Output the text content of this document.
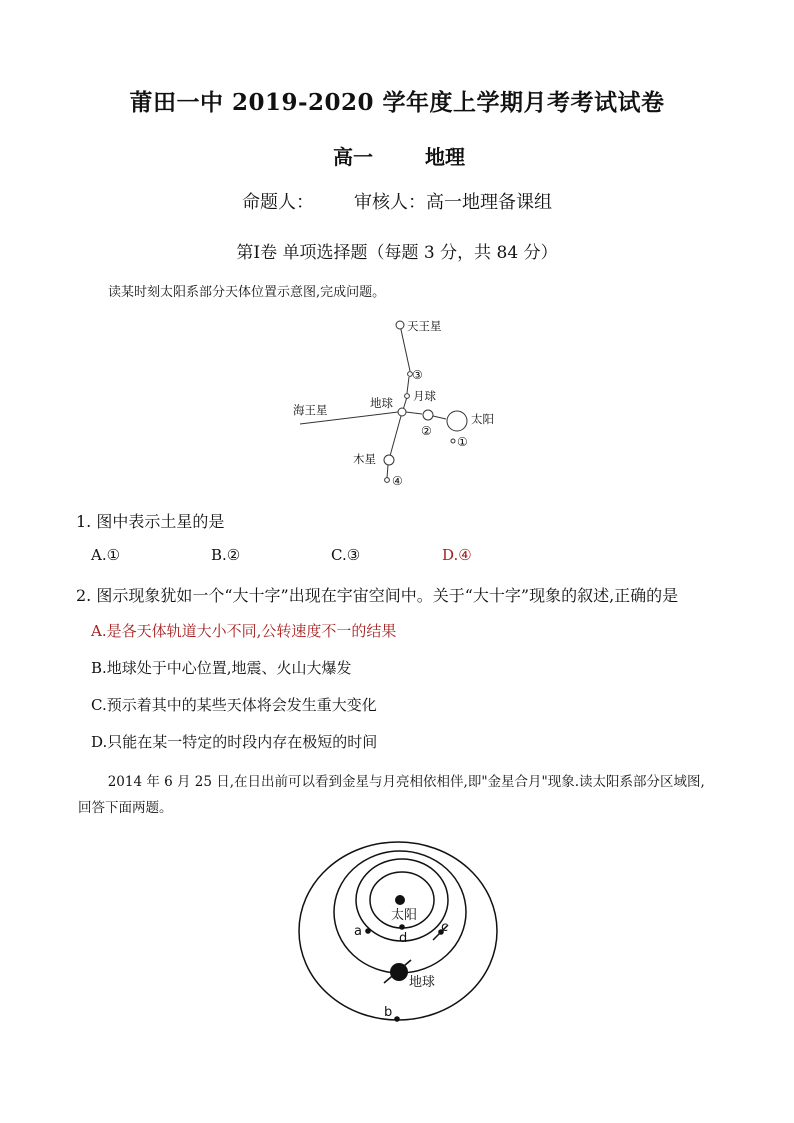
莆田一中 2019-2020 学年度上学期月考考试试卷
高一	地理
命题人： 审核人：高一地理备课组
第Ⅰ卷 单项选择题（每题 3 分，共 84 分）
读某时刻太阳系部分天体位置示意图,完成问题。
天王星
③
月球
地球
海王星
太阳
②
①
木星
④
1. 图中表示土星的是
A.①	B.②	C.③	D.④
2. 图示现象犹如一个“大十字”出现在宇宙空间中。关于“大十字”现象的叙述,正确的是
A.是各天体轨道大小不同,公转速度不一的结果
B.地球处于中心位置,地震、火山大爆发
C.预示着其中的某些天体将会发生重大变化
D.只能在某一特定的时段内存在极短的时间
2014 年 6 月 25 日,在日出前可以看到金星与月亮相依相伴,即"金星合月"现象.读太阳系部分区域图,回答下面两题。
太阳
地球
a	d
c
b
